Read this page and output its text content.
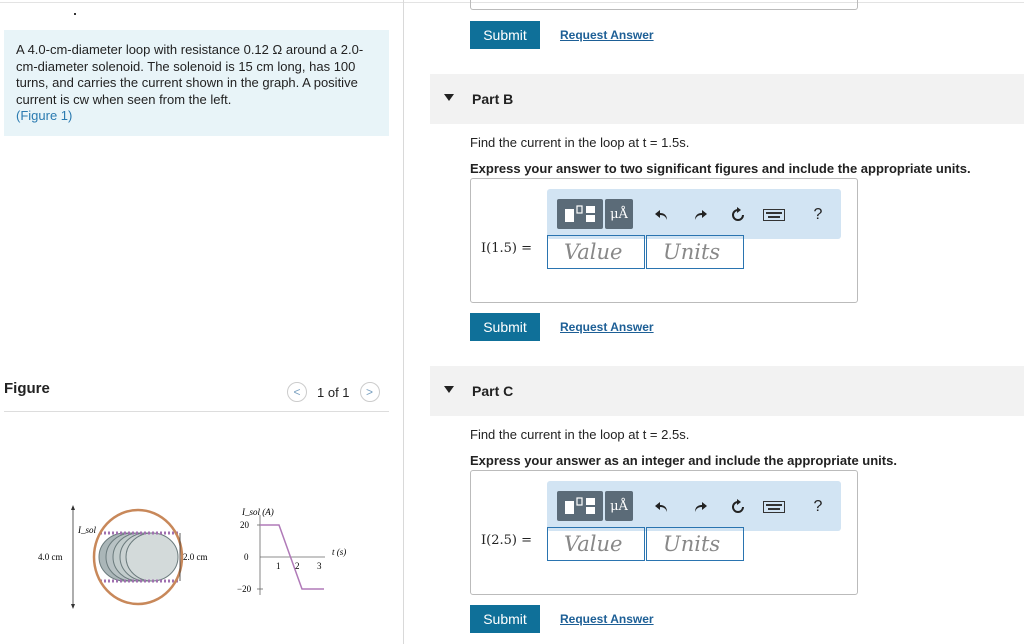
A 4.0-cm-diameter loop with resistance 0.12 Ω around a 2.0-cm-diameter solenoid. The solenoid is 15 cm long, has 100 turns, and carries the current shown in the graph. A positive current is cw when seen from the left.
(Figure 1)
Figure	<	1 of 1	>
4.0 cm
I_sol
2.0 cm
I_sol (A)
20
0
−20
1 2 3
t (s)
Submit	Request Answer
Part B
Find the current in the loop at t = 1.5s.
Express your answer to two significant figures and include the appropriate units.
μÅ	?
I(1.5) =	Value	Units
Submit	Request Answer
Part C
Find the current in the loop at t = 2.5s.
Express your answer as an integer and include the appropriate units.
μÅ	?
I(2.5) =	Value	Units
Submit	Request Answer
